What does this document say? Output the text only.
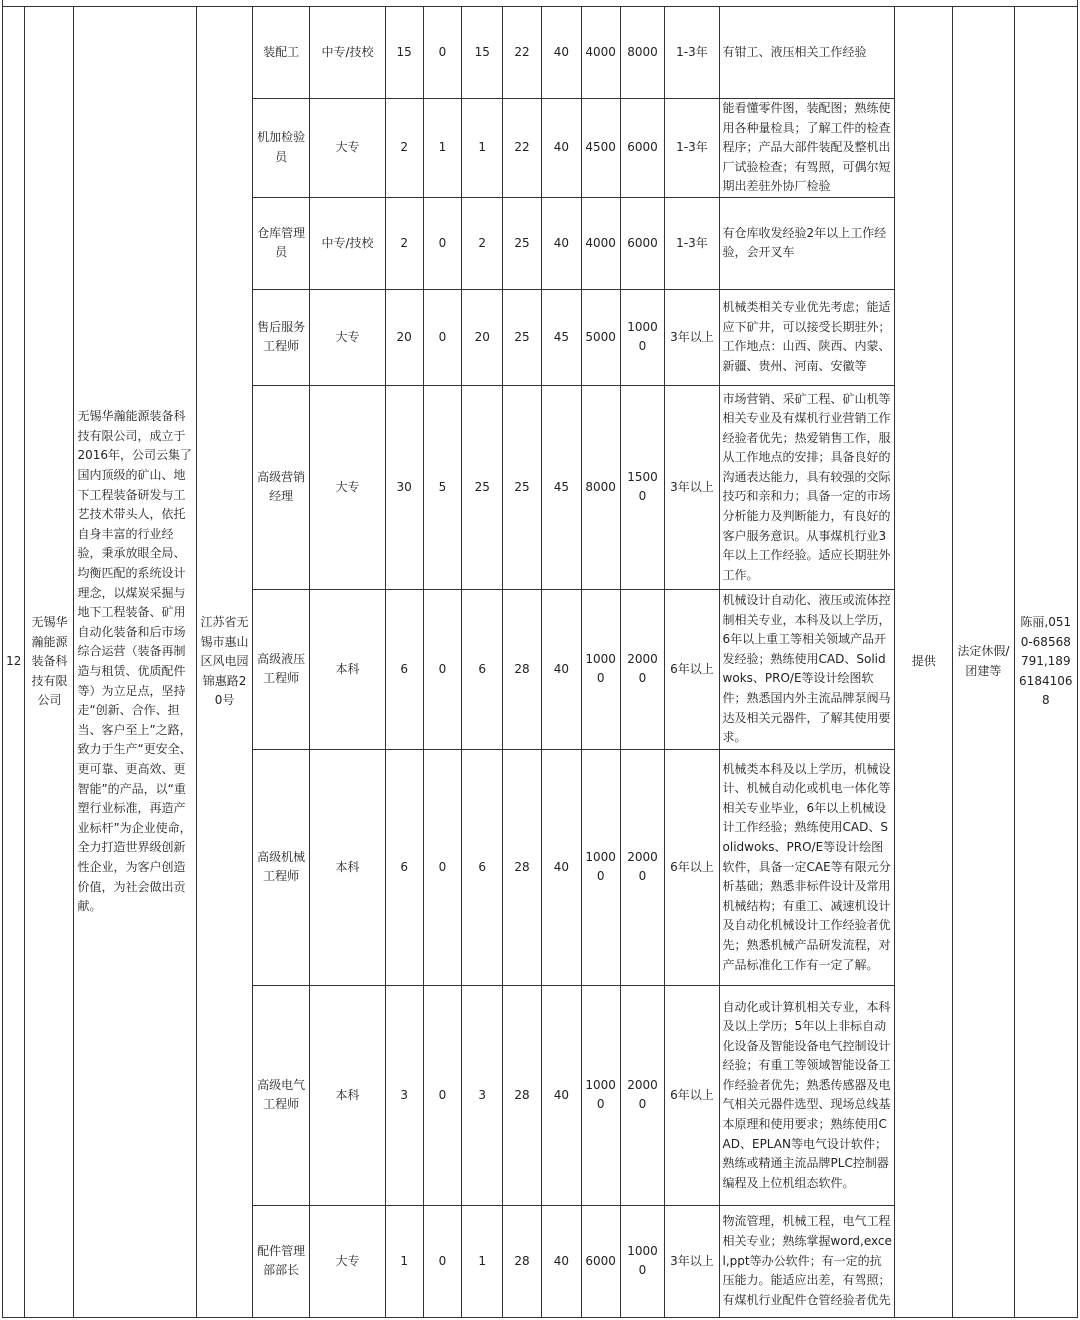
12	无锡华瀚能源装备科技有限公司	无锡华瀚能源装备科技有限公司，成立于2016年，公司云集了国内顶级的矿山、地下工程装备研发与工艺技术带头人，依托自身丰富的行业经验，秉承放眼全局、均衡匹配的系统设计理念，以煤炭采掘与地下工程装备、矿用自动化装备和后市场综合运营（装备再制造与租赁、优质配件等）为立足点，坚持走“创新、合作、担当、客户至上”之路，致力于生产“更安全、更可靠、更高效、更智能”的产品，以“重塑行业标准，再造产业标杆”为企业使命，全力打造世界级创新性企业，为客户创造价值，为社会做出贡献。	江苏省无锡市惠山区风电园锦惠路20号	装配工	中专/技校	15	0	15	22	40	4000	8000	1-3年	有钳工、液压相关工作经验	提供	法定休假/团建等	陈丽,0510-68568791,18961841068
				机加检验员	大专	2	1	1	22	40	4500	6000	1-3年	能看懂零件图，装配图；熟练使用各种量检具；了解工件的检查程序；产品大部件装配及整机出厂试验检查；有驾照，可偶尔短期出差驻外协厂检验			
				仓库管理员	中专/技校	2	0	2	25	40	4000	6000	1-3年	有仓库收发经验2年以上工作经验，会开叉车			
				售后服务工程师	大专	20	0	20	25	45	5000	10000	3年以上	机械类相关专业优先考虑；能适应下矿井，可以接受长期驻外；工作地点：山西、陕西、内蒙、新疆、贵州、河南、安徽等			
				高级营销经理	大专	30	5	25	25	45	8000	15000	3年以上	市场营销、采矿工程、矿山机等相关专业及有煤机行业营销工作经验者优先；热爱销售工作，服从工作地点的安排；具备良好的沟通表达能力，具有较强的交际技巧和亲和力；具备一定的市场分析能力及判断能力，有良好的客户服务意识。从事煤机行业3年以上工作经验。适应长期驻外工作。			
				高级液压工程师	本科	6	0	6	28	40	10000	20000	6年以上	机械设计自动化、液压或流体控制相关专业，本科及以上学历，6年以上重工等相关领域产品开发经验；熟练使用CAD、Solidwoks、PRO/E等设计绘图软件；熟悉国内外主流品牌泵阀马达及相关元器件，了解其使用要求。			
				高级机械工程师	本科	6	0	6	28	40	10000	20000	6年以上	机械类本科及以上学历，机械设计、机械自动化或机电一体化等相关专业毕业，6年以上机械设计工作经验；熟练使用CAD、Solidwoks、PRO/E等设计绘图软件，具备一定CAE等有限元分析基础；熟悉非标件设计及常用机械结构；有重工、减速机设计及自动化机械设计工作经验者优先；熟悉机械产品研发流程，对产品标准化工作有一定了解。			
				高级电气工程师	本科	3	0	3	28	40	10000	20000	6年以上	自动化或计算机相关专业，本科及以上学历；5年以上非标自动化设备及智能设备电气控制设计经验；有重工等领域智能设备工作经验者优先；熟悉传感器及电气相关元器件选型、现场总线基本原理和使用要求；熟练使用CAD、EPLAN等电气设计软件；熟练或精通主流品牌PLC控制器编程及上位机组态软件。			
				配件管理部部长	大专	1	0	1	28	40	6000	10000	3年以上	物流管理，机械工程，电气工程相关专业；熟练掌握word,excel,ppt等办公软件；有一定的抗压能力。能适应出差，有驾照；有煤机行业配件仓管经验者优先			
